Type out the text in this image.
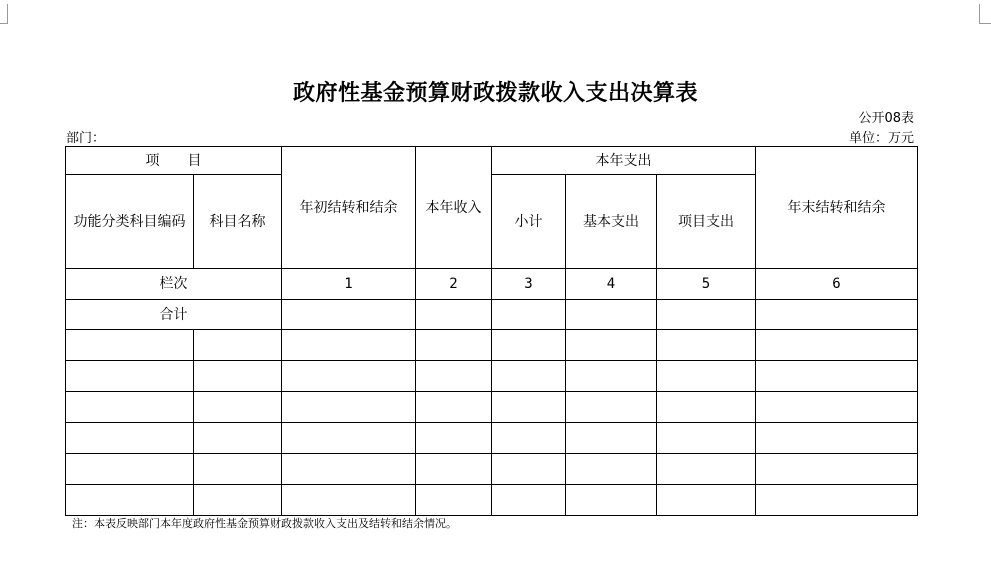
政府性基金预算财政拨款收入支出决算表
公开08表
部门：	单位：万元
项　　目		年初结转和结余	本年收入	本年支出			年末结转和结余
功能分类科目编码	科目名称			小计	基本支出	项目支出	
栏次		1	2	3	4	5	6
合计							

注：本表反映部门本年度政府性基金预算财政拨款收入支出及结转和结余情况。
